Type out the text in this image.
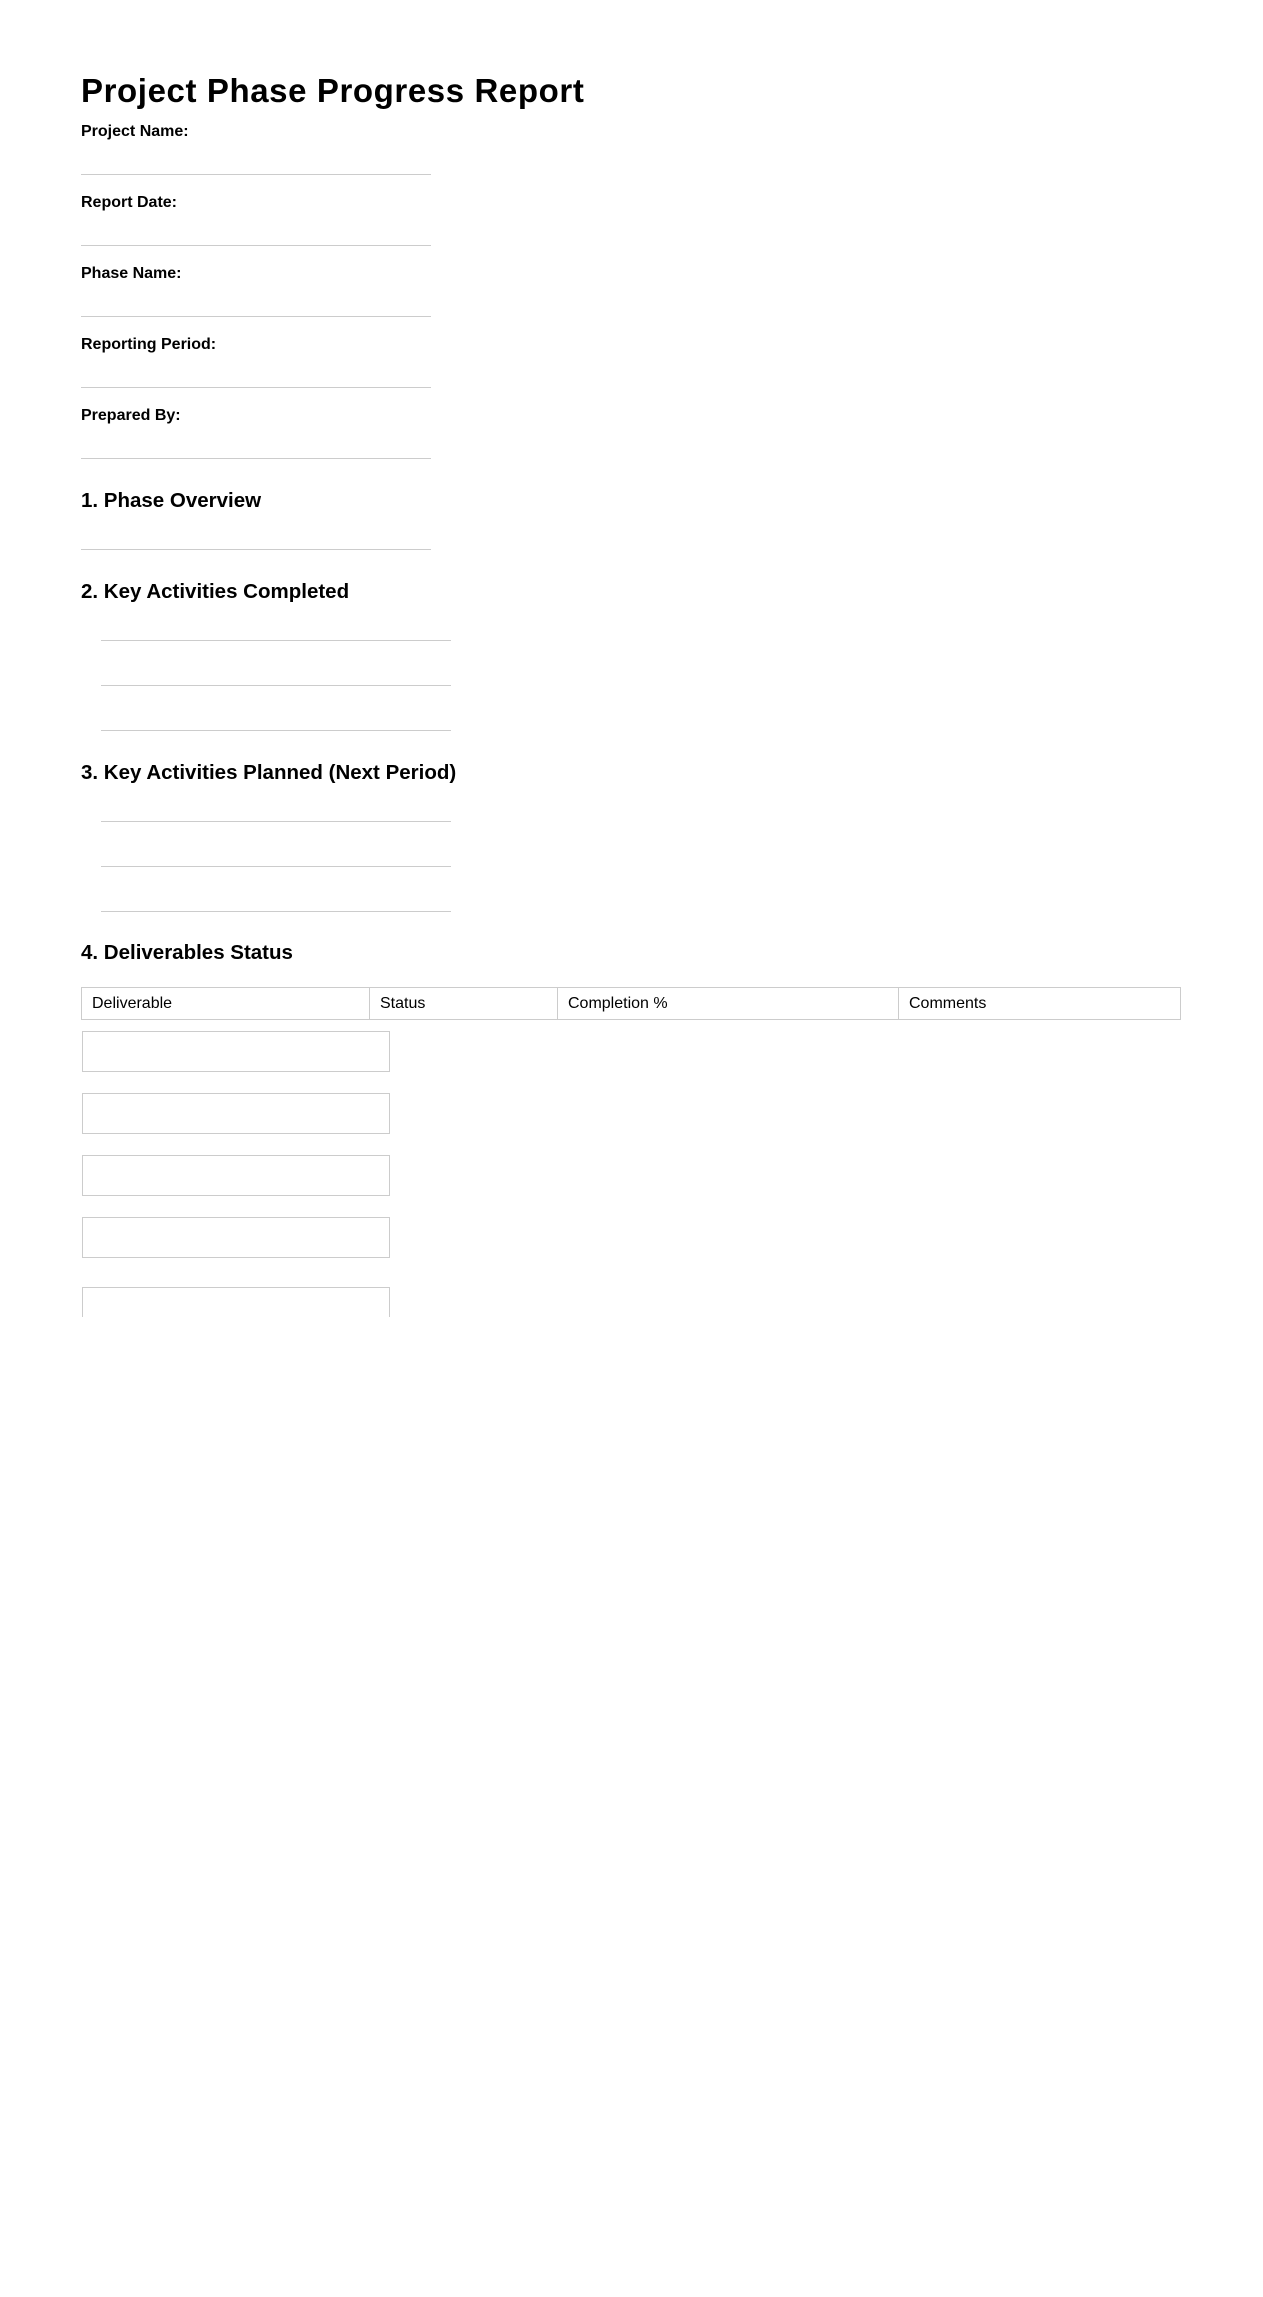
Project Phase Progress Report
Project Name:
Report Date:
Phase Name:
Reporting Period:
Prepared By:
1. Phase Overview
2. Key Activities Completed
3. Key Activities Planned (Next Period)
4. Deliverables Status
Deliverable	Status	Completion %	Comments
